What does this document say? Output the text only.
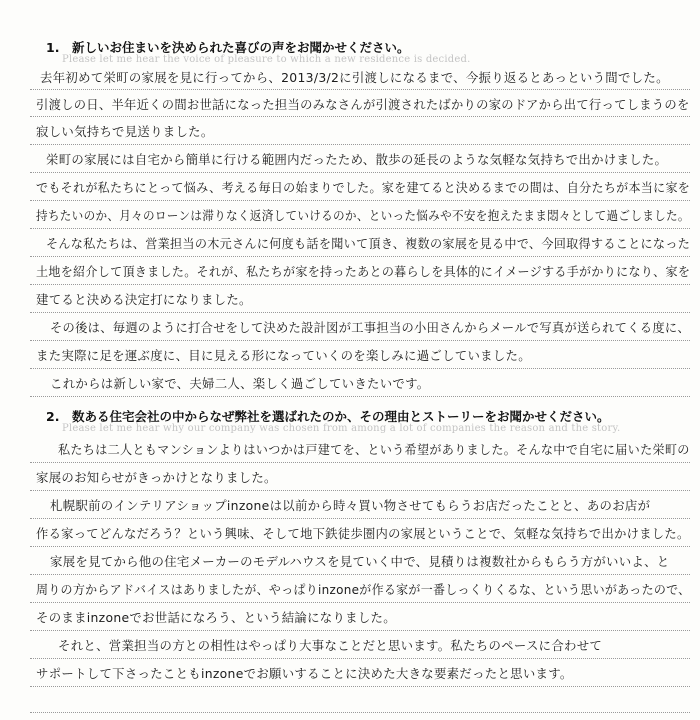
1.　新しいお住まいを決められた喜びの声をお聞かせください。
Please let me hear the voice of pleasure to which a new residence is decided.
去年初めて栄町の家展を見に行ってから、2013/3/2に引渡しになるまで、今振り返るとあっという間でした。
引渡しの日、半年近くの間お世話になった担当のみなさんが引渡されたばかりの家のドアから出て行ってしまうのを
寂しい気持ちで見送りました。
栄町の家展には自宅から簡単に行ける範囲内だったため、散歩の延長のような気軽な気持ちで出かけました。
でもそれが私たちにとって悩み、考える毎日の始まりでした。家を建てると決めるまでの間は、自分たちが本当に家を
持ちたいのか、月々のローンは滞りなく返済していけるのか、といった悩みや不安を抱えたまま悶々として過ごしました。
そんな私たちは、営業担当の木元さんに何度も話を聞いて頂き、複数の家展を見る中で、今回取得することになった
土地を紹介して頂きました。それが、私たちが家を持ったあとの暮らしを具体的にイメージする手がかりになり、家を
建てると決める決定打になりました。
その後は、毎週のように打合せをして決めた設計図が工事担当の小田さんからメールで写真が送られてくる度に、
また実際に足を運ぶ度に、目に見える形になっていくのを楽しみに過ごしていました。
これからは新しい家で、夫婦二人、楽しく過ごしていきたいです。
2.　数ある住宅会社の中からなぜ弊社を選ばれたのか、その理由とストーリーをお聞かせください。
Please let me hear why our company was chosen from among a lot of companies the reason and the story.
私たちは二人ともマンションよりはいつかは戸建てを、という希望がありました。そんな中で自宅に届いた栄町の
家展のお知らせがきっかけとなりました。
札幌駅前のインテリアショップinzoneは以前から時々買い物させてもらうお店だったことと、あのお店が
作る家ってどんなだろう？という興味、そして地下鉄徒歩圏内の家展ということで、気軽な気持ちで出かけました。
家展を見てから他の住宅メーカーのモデルハウスを見ていく中で、見積りは複数社からもらう方がいいよ、と
周りの方からアドバイスはありましたが、やっぱりinzoneが作る家が一番しっくりくるな、という思いがあったので、
そのままinzoneでお世話になろう、という結論になりました。
それと、営業担当の方との相性はやっぱり大事なことだと思います。私たちのペースに合わせて
サポートして下さったこともinzoneでお願いすることに決めた大きな要素だったと思います。
